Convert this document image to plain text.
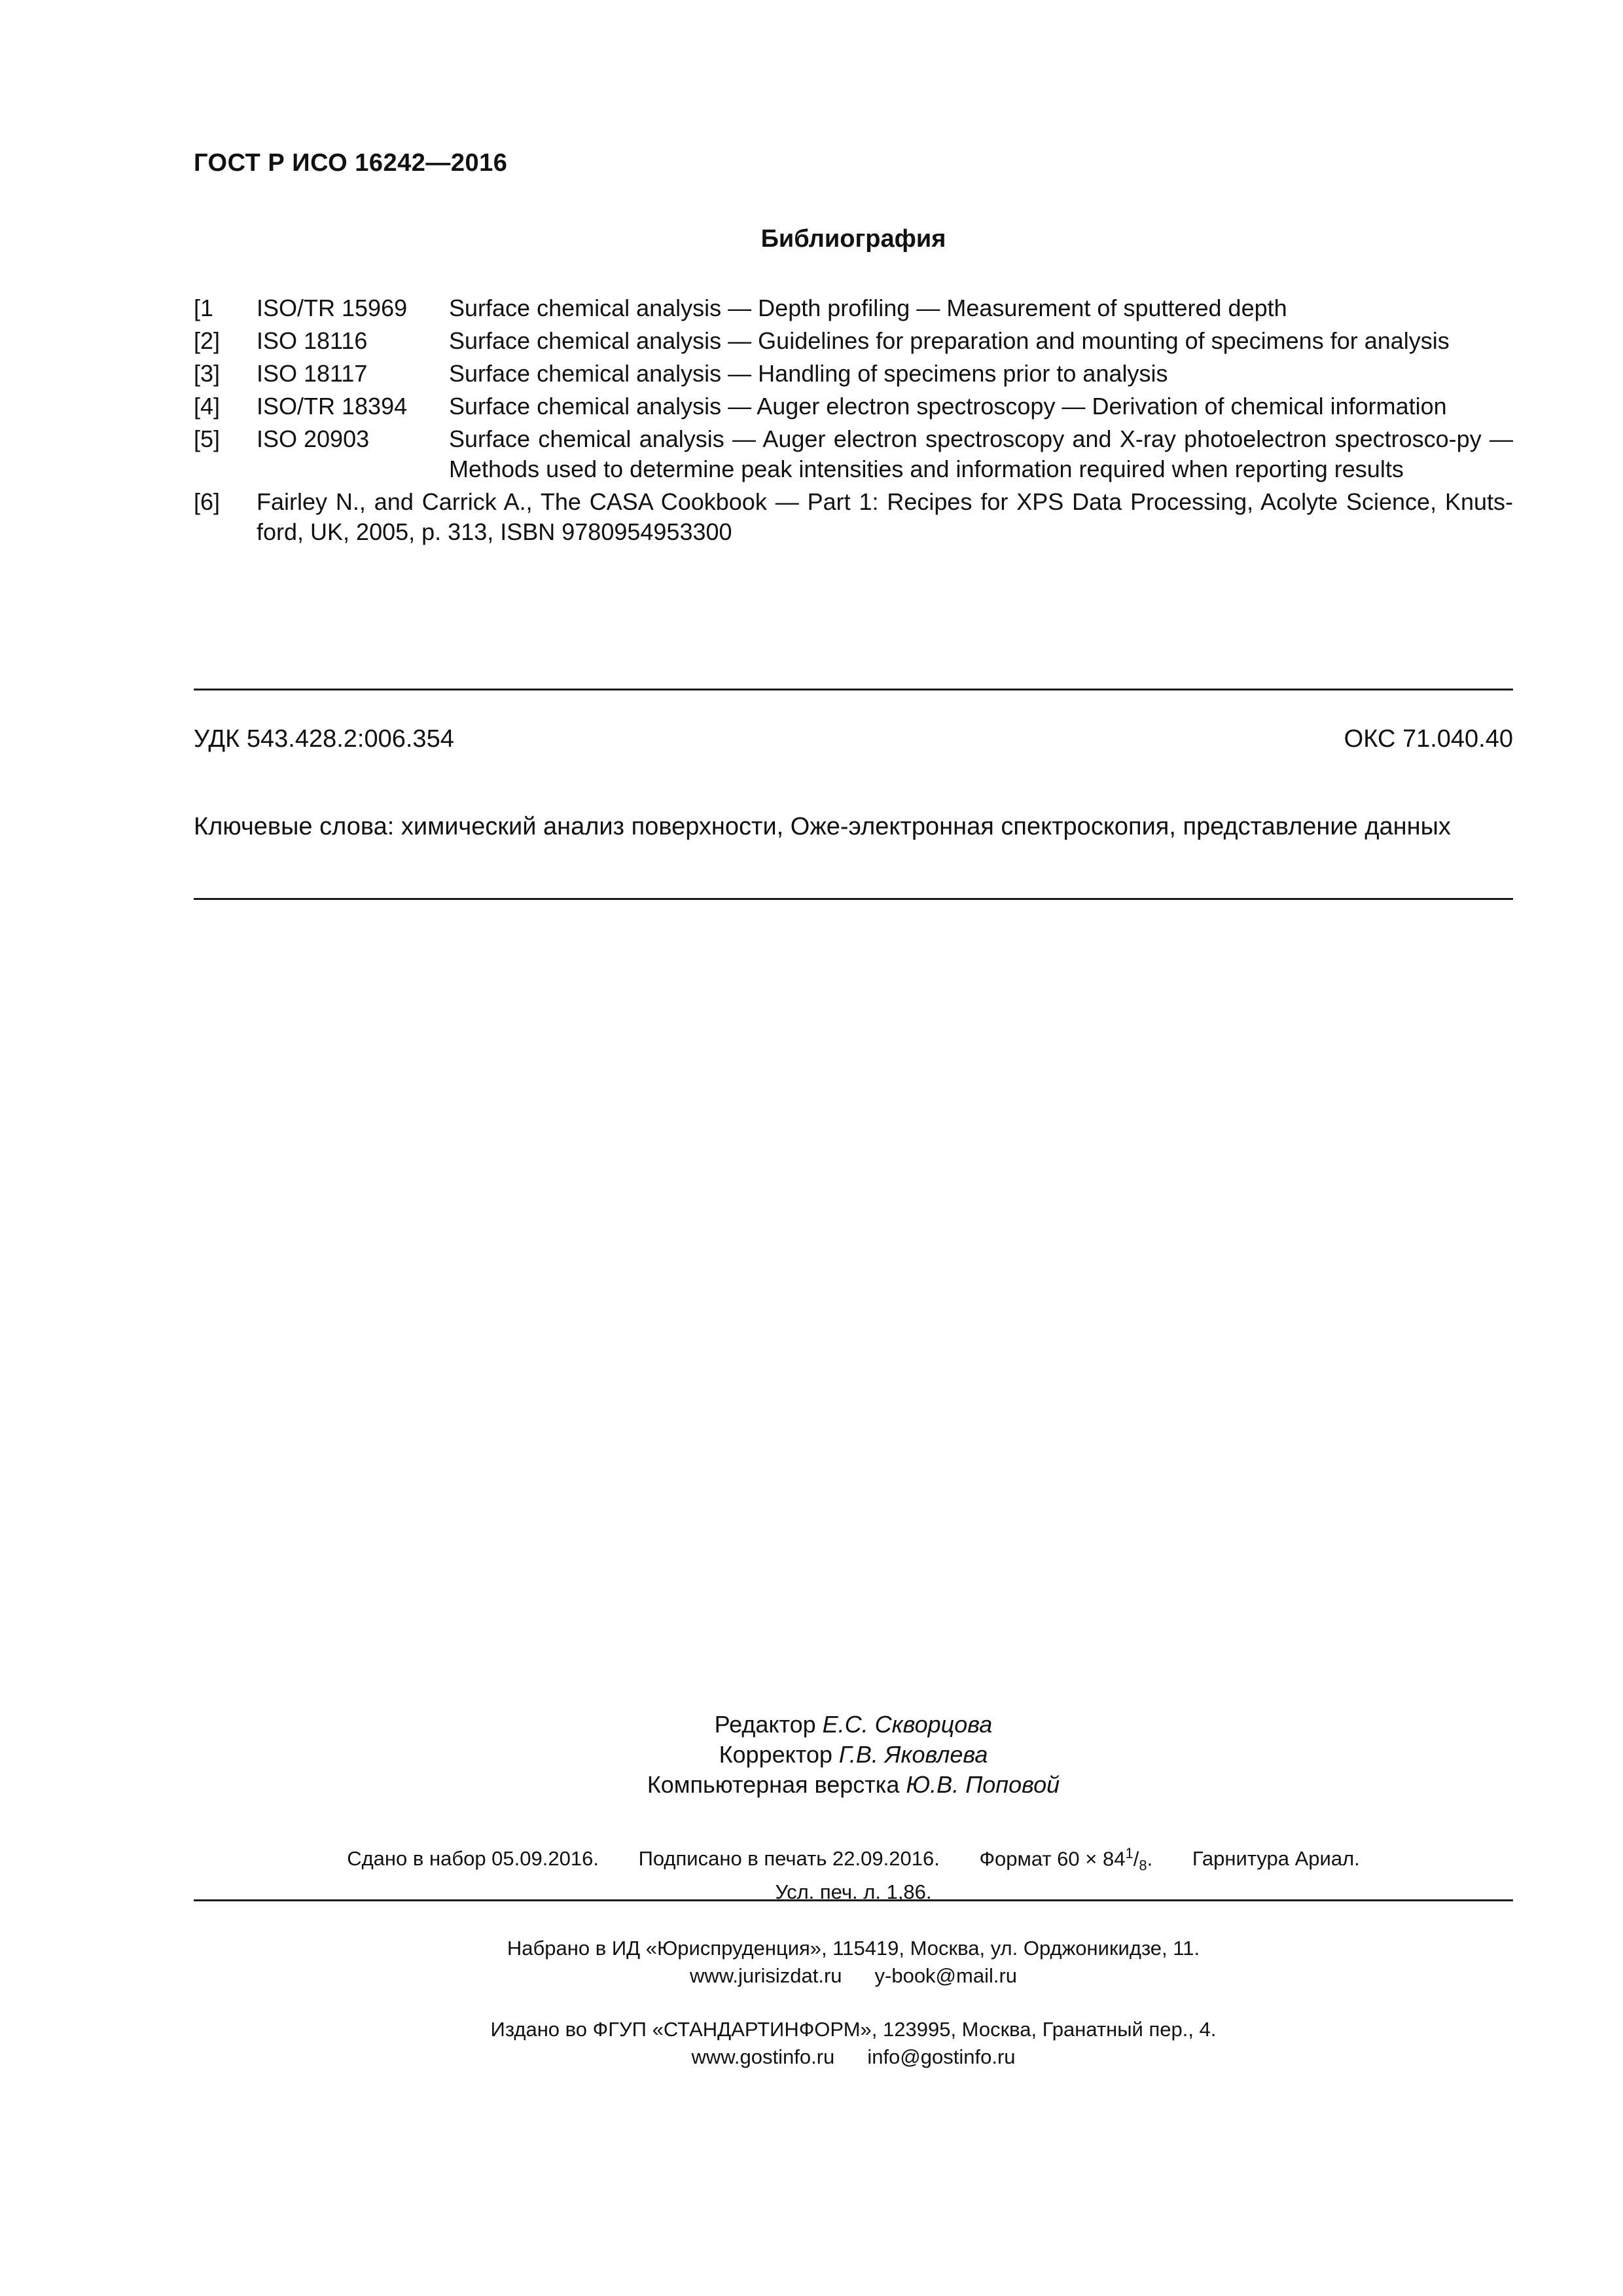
ГОСТ Р ИСО 16242—2016
Библиография
[1 ISO/TR 15969 Surface chemical analysis — Depth profiling — Measurement of sputtered depth
[2] ISO 18116	Surface chemical analysis — Guidelines for preparation and mounting of specimens for analysis
[3] ISO 18117	Surface chemical analysis — Handling of specimens prior to analysis
[4] ISO/TR 18394 Surface chemical analysis — Auger electron spectroscopy — Derivation of chemical information
[5] ISO 20903	Surface chemical analysis — Auger electron spectroscopy and X-ray photoelectron spectrosco-py — Methods used to determine peak intensities and information required when reporting results
[6] Fairley N., and Carrick A., The CASA Cookbook — Part 1: Recipes for XPS Data Processing, Acolyte Science, Knuts-ford, UK, 2005, p. 313, ISBN 9780954953300
УДК 543.428.2:006.354	ОКС 71.040.40
Ключевые слова: химический анализ поверхности, Оже-электронная спектроскопия, представление данных
Редактор Е.С. Скворцова
Корректор Г.В. Яковлева
Компьютерная верстка Ю.В. Поповой
Сдано в набор 05.09.2016. Подписано в печать 22.09.2016. Формат $60 \times 84^1/_8$. Гарнитура Ариал.
Усл. печ. л. 1,86.
Набрано в ИД «Юриспруденция», 115419, Москва, ул. Орджоникидзе, 11.
www.jurisizdat.ru y-book@mail.ru
Издано во ФГУП «СТАНДАРТИНФОРМ», 123995, Москва, Гранатный пер., 4.
www.gostinfo.ru info@gostinfo.ru
